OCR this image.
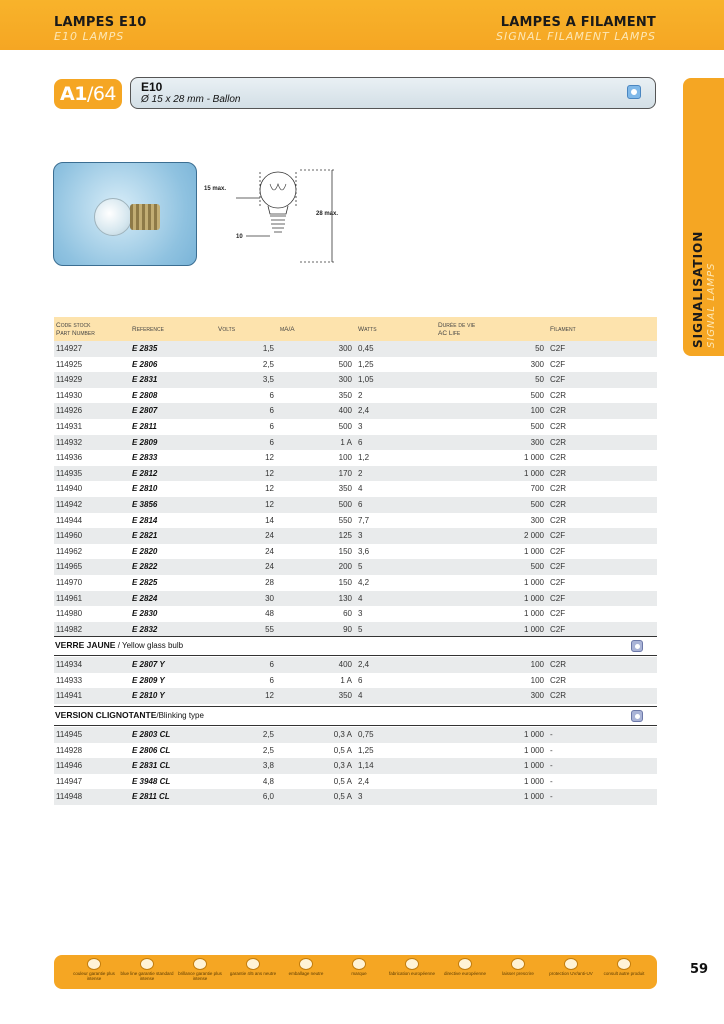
LAMPES E10
E10 LAMPS
LAMPES A FILAMENT
SIGNAL FILAMENT LAMPS
SIGNALISATION SIGNAL LAMPS
A1/64	E10
Ø 15 x 28 mm - Ballon
15 max.
28 max.
10
Code stock
Part Number	Reference	Volts	mA/A	Watts	Durée de vie
AC Life	Filament
114927	E 2835	1,5	300	0,45	50	C2F
114925	E 2806	2,5	500	1,25	300	C2F
114929	E 2831	3,5	300	1,05	50	C2F
114930	E 2808	6	350	2	500	C2R
114926	E 2807	6	400	2,4	100	C2R
114931	E 2811	6	500	3	500	C2R
114932	E 2809	6	1 A	6	300	C2R
114936	E 2833	12	100	1,2	1 000	C2R
114935	E 2812	12	170	2	1 000	C2R
114940	E 2810	12	350	4	700	C2R
114942	E 3856	12	500	6	500	C2R
114944	E 2814	14	550	7,7	300	C2R
114960	E 2821	24	125	3	2 000	C2F
114962	E 2820	24	150	3,6	1 000	C2F
114965	E 2822	24	200	5	500	C2F
114970	E 2825	28	150	4,2	1 000	C2F
114961	E 2824	30	130	4	1 000	C2F
114980	E 2830	48	60	3	1 000	C2F
114982	E 2832	55	90	5	1 000	C2F
VERRE JAUNE / Yellow glass bulb
114934	E 2807 Y	6	400	2,4	100	C2R
114933	E 2809 Y	6	1 A	6	100	C2R
114941	E 2810 Y	12	350	4	300	C2R
VERSION CLIGNOTANTE/Blinking type
114945	E 2803 CL	2,5	0,3 A	0,75	1 000	-
114928	E 2806 CL	2,5	0,5 A	1,25	1 000	-
114946	E 2831 CL	3,8	0,3 A	1,14	1 000	-
114947	E 3948 CL	4,8	0,5 A	2,4	1 000	-
114948	E 2811 CL	6,0	0,5 A	3	1 000	-
couleur garantie plus intense
blue line garantie standard intense
brillance garantie plus intense
garantie 4/5 ans neutre	emballage neutre	marque	fabrication européenne	directive européenne	laisser prescrire	protection UV/anti-UV	consult autre produit	59
